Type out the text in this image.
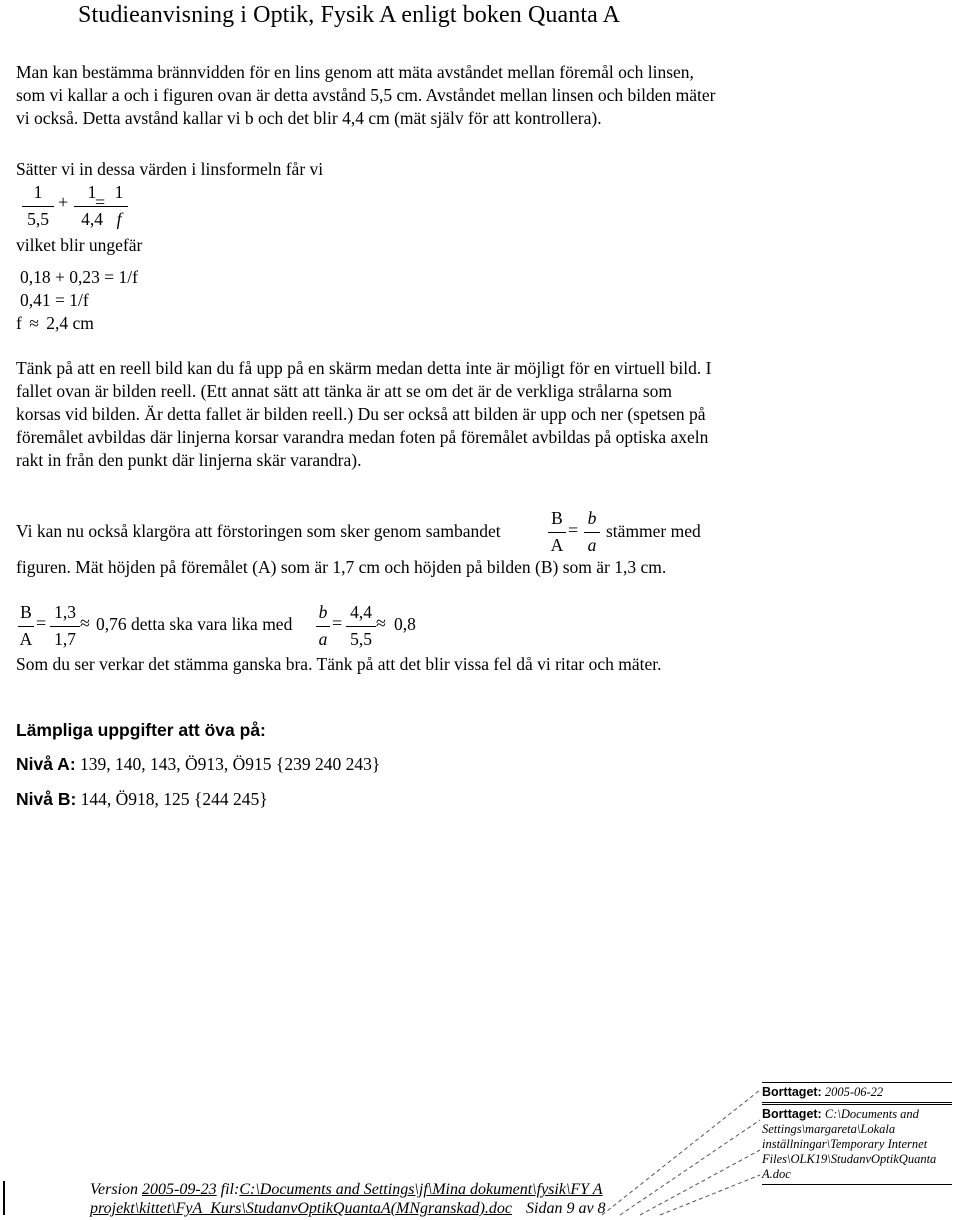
Studieanvisning i Optik, Fysik A enligt boken Quanta A
Man kan bestämma brännvidden för en lins genom att mäta avståndet mellan föremål och linsen, som vi kallar a och i figuren ovan är detta avstånd 5,5 cm. Avståndet mellan linsen och bilden mäter vi också. Detta avstånd kallar vi b och det blir 4,4 cm (mät själv för att kontrollera).
Sätter vi in dessa värden i linsformeln får vi
1
5,5
+	1
4,4
= 1
f
vilket blir ungefär
0,18 + 0,23 = 1/f
0,41 = 1/f
f ≈ 2,4 cm
Tänk på att en reell bild kan du få upp på en skärm medan detta inte är möjligt för en virtuell bild. I fallet ovan är bilden reell. (Ett annat sätt att tänka är att se om det är de verkliga strålarna som korsas vid bilden. Är detta fallet är bilden reell.) Du ser också att bilden är upp och ner (spetsen på föremålet avbildas där linjerna korsar varandra medan foten på föremålet avbildas på optiska axeln rakt in från den punkt där linjerna skär varandra).
Vi kan nu också klargöra att förstoringen som sker genom sambandet
B
A
=
b
a
stämmer med
figuren. Mät höjden på föremålet (A) som är 1,7 cm och höjden på bilden (B) som är 1,3 cm.
B
A
=
1,3
1,7
≈ 0,76 detta ska vara lika med
b
a
=
4,4
5,5
≈ 0,8
Som du ser verkar det stämma ganska bra. Tänk på att det blir vissa fel då vi ritar och mäter.
Lämpliga uppgifter att öva på:
Nivå A: 139, 140, 143, Ö913, Ö915 {239 240 243}
Nivå B: 144, Ö918, 125 {244 245}
Borttaget: 2005-06-22
Borttaget: C:\Documents and Settings\margareta\Lokala inställningar\Temporary Internet Files\OLK19\StudanvOptikQuanta A.doc
Version 2005-09-23 fil:C:\Documents and Settings\jf\Mina dokument\fysik\FY A
projekt\kittet\FyA_Kurs\StudanvOptikQuantaA(MNgranskad).doc Sidan 9 av 8
